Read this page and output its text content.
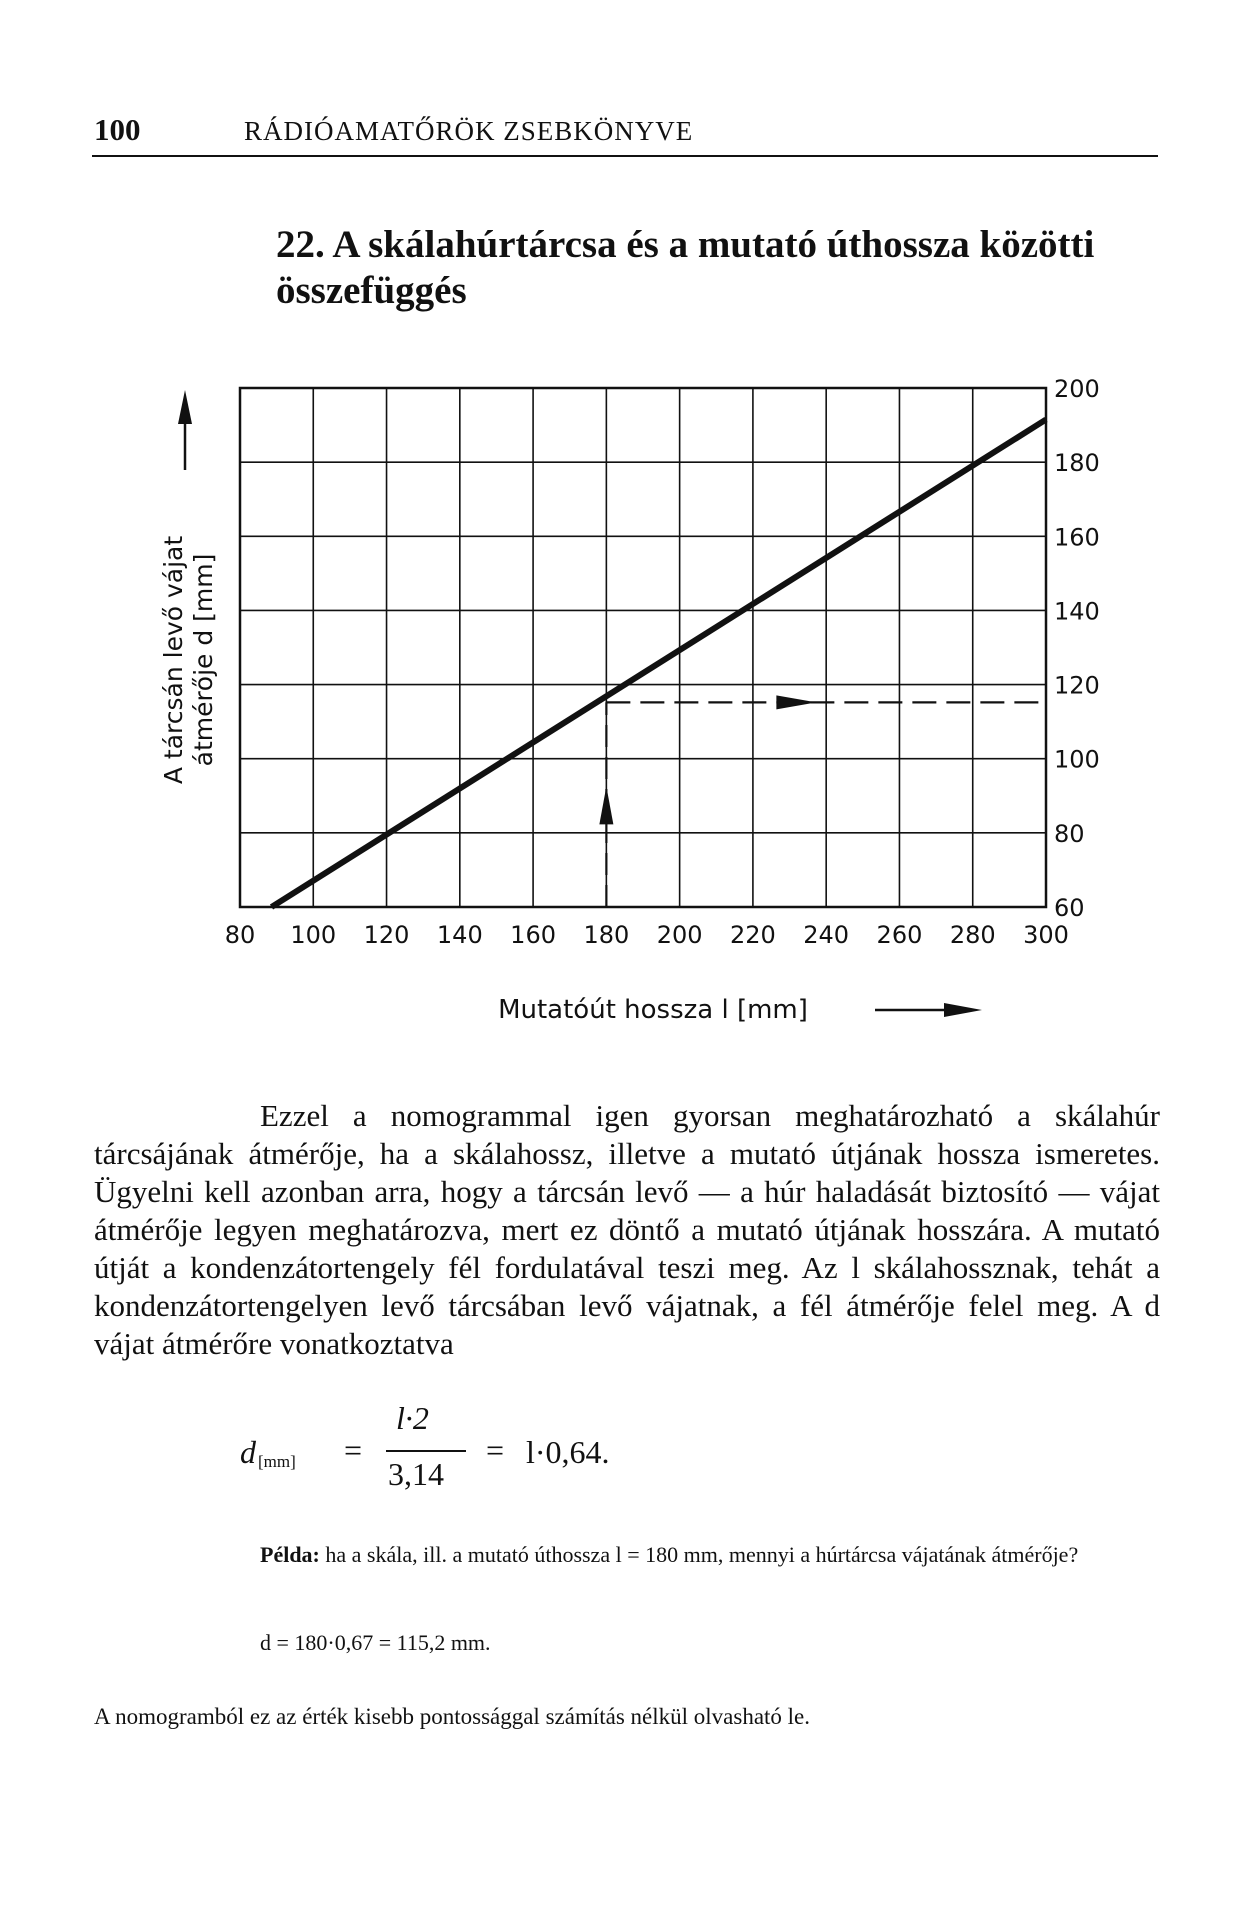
100	RÁDIÓAMATŐRÖK ZSEBKÖNYVE
22. A skálahúrtárcsa és a mutató úthossza közötti összefüggés
80 100 120 140 160 180 200 220 240 260 280 300
60
80
100
120
140
160
180
200
A tárcsán levő vájat átmérője d [mm]
Mutatóút hossza l [mm]

Ezzel a nomogrammal igen gyorsan meghatározható a skálahúr tárcsájának átmérője, ha a skálahossz, illetve a mutató útjának hossza ismeretes. Ügyelni kell azonban arra, hogy a tárcsán levő — a húr haladását biztosító — vájat átmérője legyen meghatározva, mert ez döntő a mutató útjának hosszára. A mutató útját a kondenzátortengely fél fordulatával teszi meg. Az l skálahossznak, tehát a kondenzátortengelyen levő tárcsában levő vájatnak, a fél átmérője felel meg. A d vájat átmérőre vonatkoztatva

d [mm] =
l·2
3,14
= l·0,64.

Példa: ha a skála, ill. a mutató úthossza l = 180 mm, mennyi a húrtárcsa vájatának átmérője?

d = 180·0,67 = 115,2 mm.
A nomogramból ez az érték kisebb pontossággal számítás nélkül olvasható le.
